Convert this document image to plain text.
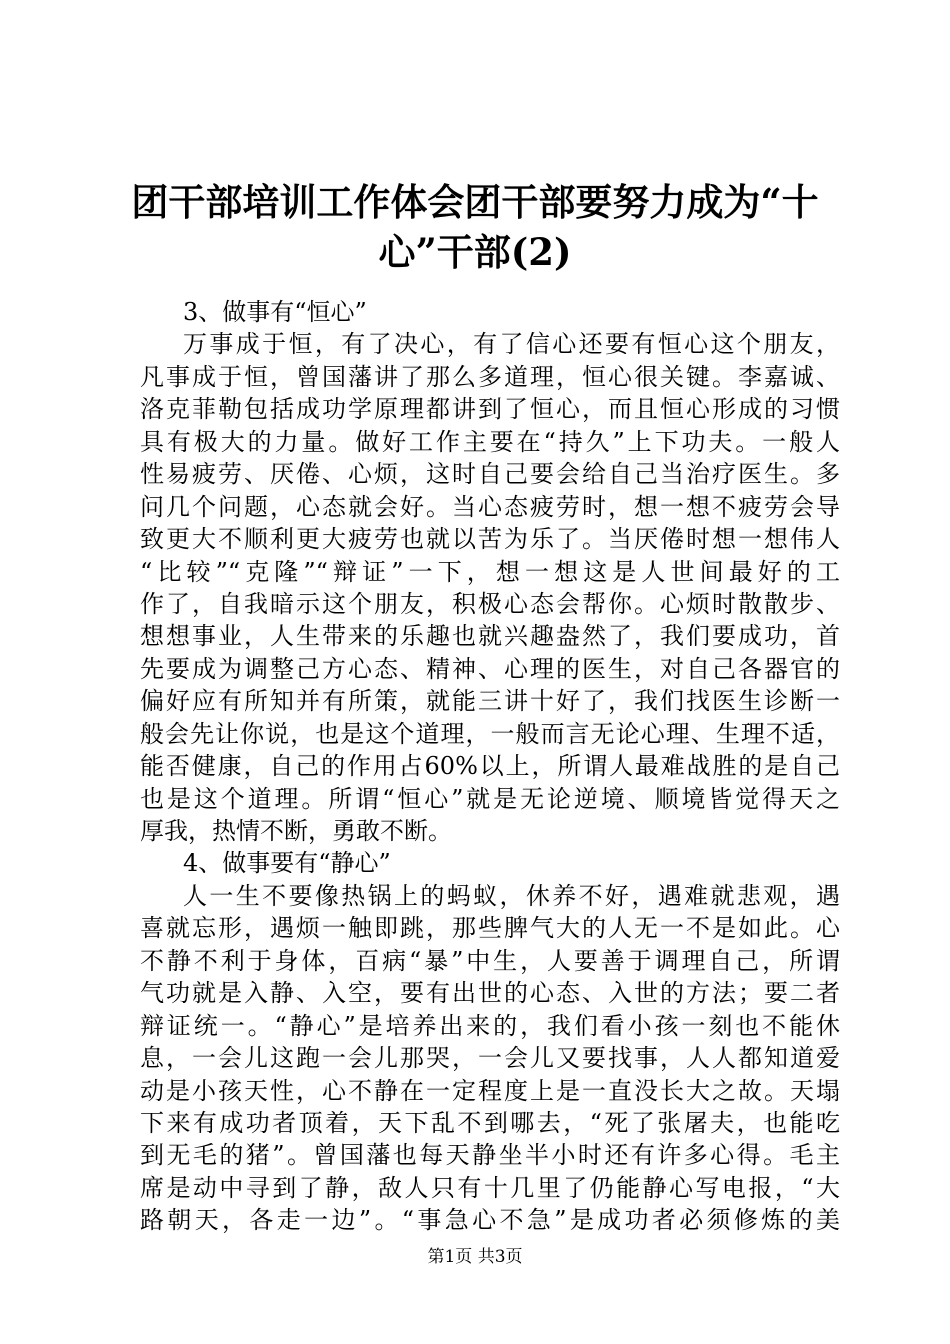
团干部培训工作体会团干部要努力成为“十
心”干部(2)
3、做事有“恒心”
万事成于恒，有了决心，有了信心还要有恒心这个朋友，
凡事成于恒，曾国藩讲了那么多道理，恒心很关键。李嘉诚、
洛克菲勒包括成功学原理都讲到了恒心，而且恒心形成的习惯
具有极大的力量。做好工作主要在“持久”上下功夫。一般人
性易疲劳、厌倦、心烦，这时自己要会给自己当治疗医生。多
问几个问题，心态就会好。当心态疲劳时，想一想不疲劳会导
致更大不顺利更大疲劳也就以苦为乐了。当厌倦时想一想伟人
“比较”“克隆”“辩证”一下，想一想这是人世间最好的工
作了，自我暗示这个朋友，积极心态会帮你。心烦时散散步、
想想事业，人生带来的乐趣也就兴趣盎然了，我们要成功，首
先要成为调整己方心态、精神、心理的医生，对自己各器官的
偏好应有所知并有所策，就能三讲十好了，我们找医生诊断一
般会先让你说，也是这个道理，一般而言无论心理、生理不适，
能否健康，自己的作用占60%以上，所谓人最难战胜的是自己
也是这个道理。所谓“恒心”就是无论逆境、顺境皆觉得天之
厚我，热情不断，勇敢不断。
4、做事要有“静心”
人一生不要像热锅上的蚂蚁，休养不好，遇难就悲观，遇
喜就忘形，遇烦一触即跳，那些脾气大的人无一不是如此。心
不静不利于身体，百病“暴”中生，人要善于调理自己，所谓
气功就是入静、入空，要有出世的心态、入世的方法；要二者
辩证统一。“静心”是培养出来的，我们看小孩一刻也不能休
息，一会儿这跑一会儿那哭，一会儿又要找事，人人都知道爱
动是小孩天性，心不静在一定程度上是一直没长大之故。天塌
下来有成功者顶着，天下乱不到哪去，“死了张屠夫，也能吃
到无毛的猪”。曾国藩也每天静坐半小时还有许多心得。毛主
席是动中寻到了静，敌人只有十几里了仍能静心写电报，“大
路朝天，各走一边”。“事急心不急”是成功者必须修炼的美
第1页 共3页
